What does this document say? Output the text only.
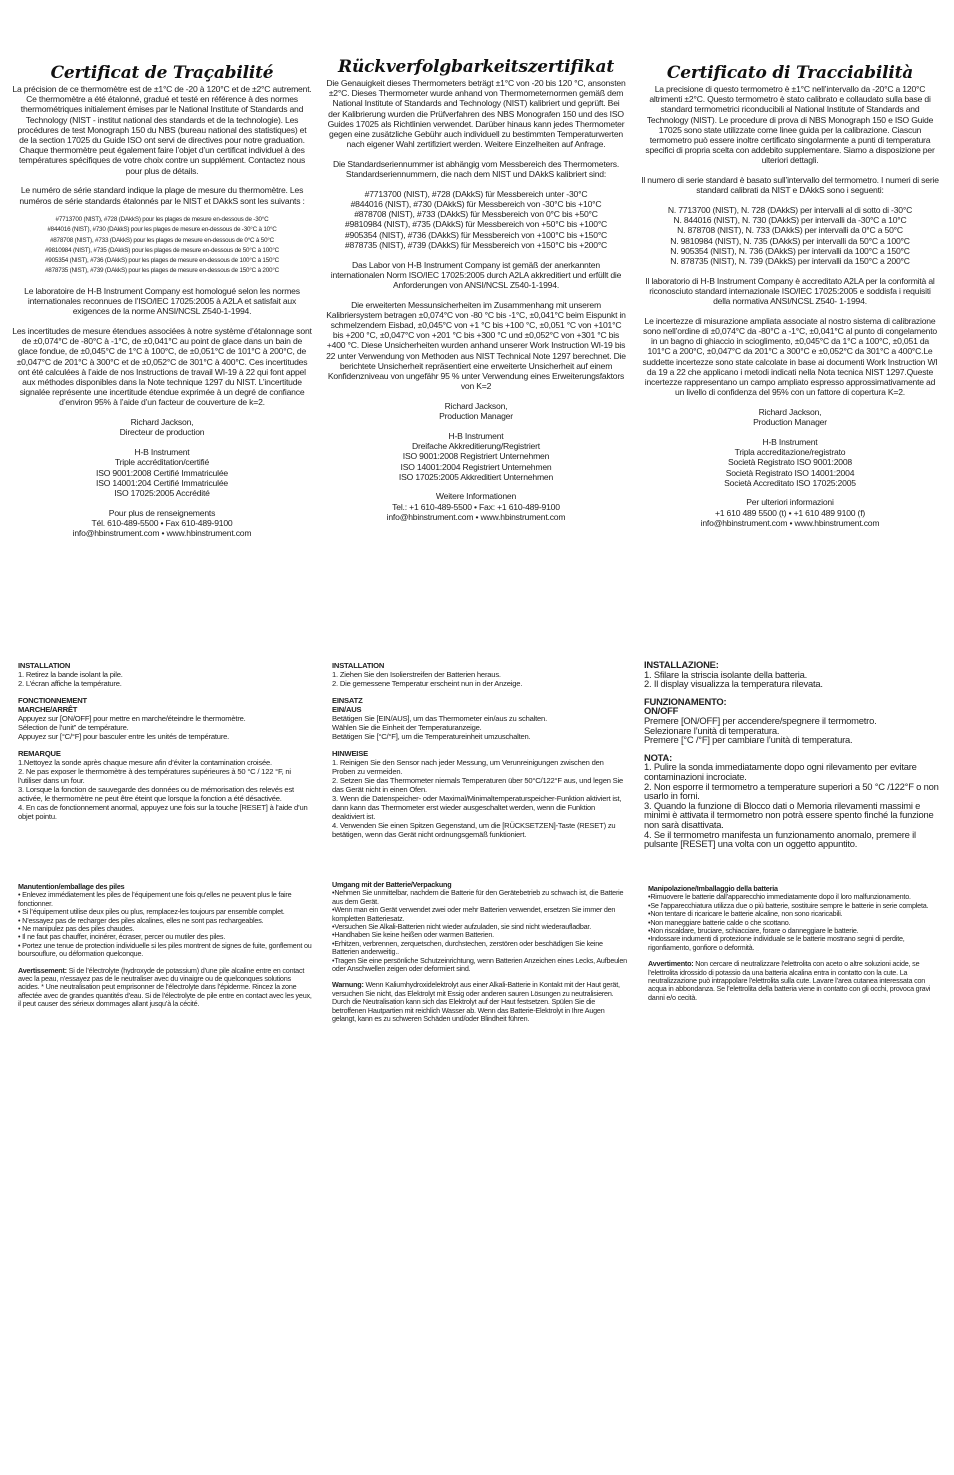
Certificat de Traçabilité

La précision de ce thermomètre est de ±1°C de -20 à 120°C et de ±2°C autrement. Ce thermomètre a été étalonné, gradué et testé en référence à des normes thermométriques initialement émises par le National Institute of Standards and Technology (NIST - institut national des standards et de la technologie). Les procédures de test Monograph 150 du NBS (bureau national des statistiques) et de la section 17025 du Guide ISO ont servi de directives pour notre graduation. Chaque thermomètre peut également faire l’objet d’un certificat individuel à des températures spécifiques de votre choix contre un supplément. Contactez nous pour plus de détails.

Le numéro de série standard indique la plage de mesure du thermomètre. Les numéros de série standards étalonnés par le NIST et DAkkS sont les suivants :

#7713700 (NIST), #728 (DAkkS) pour les plages de mesure en-dessous de -30°C
#844016 (NIST), #730 (DAkkS) pour les plages de mesure en-dessous de -30°C à 10°C
#878708 (NIST), #733 (DAkkS) pour les plages de mesure en-dessous de 0°C à 50°C
#9810984 (NIST), #735 (DAkkS) pour les plages de mesure en-dessous de 50°C à 100°C
#905354 (NIST), #736 (DAkkS) pour les plages de mesure en-dessous de 100°C à 150°C
#878735 (NIST), #739 (DAkkS) pour les plages de mesure en-dessous de 150°C à 200°C

Le laboratoire de H-B Instrument Company est homologué selon les normes internationales reconnues de l’ISO/IEC 17025:2005 à A2LA et satisfait aux exigences de la norme ANSI/NCSL Z540-1-1994.

Les incertitudes de mesure étendues associées à notre système d’étalonnage sont de ±0,074°C de -80°C à -1°C, de ±0,041°C au point de glace dans un bain de glace fondue, de ±0,045°C de 1°C à 100°C, de ±0,051°C de 101°C à 200°C, de ±0,047°C de 201°C à 300°C et de ±0,052°C de 301°C à 400°C. Ces incertitudes ont été calculées à l’aide de nos Instructions de travail WI-19 à 22 qui font appel aux méthodes disponibles dans la Note technique 1297 du NIST. L’incertitude signalée représente une incertitude étendue exprimée à un degré de confiance d’environ 95% à l’aide d’un facteur de couverture de k=2.

Richard Jackson,
Directeur de production
H-B Instrument
Triple accréditation/certifié
ISO 9001:2008 Certifié Immatriculée
ISO 14001:204 Certifié Immatriculée
ISO 17025:2005 Accrédité
Pour plus de renseignements
Tél. 610-489-5500 • Fax 610-489-9100
info@hbinstrument.com • www.hbinstrument.com
Rückverfolgbarkeitszertifikat

Die Genauigkeit dieses Thermometers beträgt ±1°C von -20 bis 120 °C, ansonsten ±2°C. Dieses Thermometer wurde anhand von Thermometernormen gemäß dem National Institute of Standards and Technology (NIST) kalibriert und geprüft. Bei der Kalibrierung wurden die Prüfverfahren des NBS Monografen 150 und des ISO Guides 17025 als Richtlinien verwendet. Darüber hinaus kann jedes Thermometer gegen eine zusätzliche Gebühr auch individuell zu bestimmten Temperaturwerten nach eigener Wahl zertifiziert werden. Weitere Einzelheiten auf Anfrage.

Die Standardseriennummer ist abhängig vom Messbereich des Thermometers. Standardseriennummern, die nach dem NIST und DAkkS kalibriert sind:

#7713700 (NIST), #728 (DAkkS) für Messbereich unter -30°C
#844016 (NIST), #730 (DAkkS) für Messbereich von -30°C bis +10°C
#878708 (NIST), #733 (DAkkS) für Messbereich von 0°C bis +50°C
#9810984 (NIST), #735 (DAkkS) für Messbereich von +50°C bis +100°C
#905354 (NIST), #736 (DAkkS) für Messbereich von +100°C bis +150°C
#878735 (NIST), #739 (DAkkS) für Messbereich von +150°C bis +200°C

Das Labor von H-B Instrument Company ist gemäß der anerkannten internationalen Norm ISO/IEC 17025:2005 durch A2LA akkreditiert und erfüllt die Anforderungen von ANSI/NCSL Z540-1-1994.

Die erweiterten Messunsicherheiten im Zusammenhang mit unserem Kalibriersystem betragen ±0,074°C von -80 °C bis -1°C, ±0,041°C beim Eispunkt in schmelzendem Eisbad, ±0,045°C von +1 °C bis +100 °C, ±0,051 °C von +101°C bis +200 °C, ±0,047°C von +201 °C bis +300 °C und ±0,052°C von +301 °C bis +400 °C. Diese Unsicherheiten wurden anhand unserer Work Instruction WI-19 bis 22 unter Verwendung von Methoden aus NIST Technical Note 1297 berechnet. Die berichtete Unsicherheit repräsentiert eine erweiterte Unsicherheit auf einem Konfidenzniveau von ungefähr 95 % unter Verwendung eines Erweiterungsfaktors von K=2

Richard Jackson,
Production Manager
H-B Instrument
Dreifache Akkreditierung/Registriert
ISO 9001:2008 Registriert Unternehmen
ISO 14001:2004 Registriert Unternehmen
ISO 17025:2005 Akkreditiert Unternehmen
Weitere Informationen
Tel.: +1 610-489-5500 • Fax: +1 610-489-9100
info@hbinstrument.com • www.hbinstrument.com
Certificato di Tracciabilità

La precisione di questo termometro è ±1°C nell’intervallo da -20°C a 120°C altrimenti ±2°C. Questo termometro è stato calibrato e collaudato sulla base di standard termometrici riconducibili al National Institute of Standards and Technology (NIST). Le procedure di prova di NBS Monograph 150 e ISO Guide 17025 sono state utilizzate come linee guida per la calibrazione. Ciascun termometro può essere inoltre certificato singolarmente a punti di temperatura specifici di propria scelta con addebito supplementare. Siamo a disposizione per ulteriori dettagli.

Il numero di serie standard è basato sull’intervallo del termometro. I numeri di serie standard calibrati da NIST e DAkkS sono i seguenti:

N. 7713700 (NIST), N. 728 (DAkkS) per intervalli al di sotto di -30°C
N. 844016 (NIST), N. 730 (DAkkS) per intervalli da -30°C a 10°C
N. 878708 (NIST), N. 733 (DAkkS) per intervalli da 0°C a 50°C
N. 9810984 (NIST), N. 735 (DAkkS) per intervalli da 50°C a 100°C
N. 905354 (NIST), N. 736 (DAkkS) per intervalli da 100°C a 150°C
N. 878735 (NIST), N. 739 (DAkkS) per intervalli da 150°C a 200°C

Il laboratorio di H-B Instrument Company è accreditato A2LA per la conformità al riconosciuto standard internazionale ISO/IEC 17025:2005 e soddisfa i requisiti della normativa ANSI/NCSL Z540- 1-1994.

Le incertezze di misurazione ampliata associate al nostro sistema di calibrazione sono nell’ordine di ±0,074°C da -80°C a -1°C, ±0,041°C al punto di congelamento in un bagno di ghiaccio in scioglimento, ±0,045°C da 1°C a 100°C, ±0,051 da 101°C a 200°C, ±0,047°C da 201°C a 300°C e ±0,052°C da 301°C a 400°C.Le suddette incertezze sono state calcolate in base ai documenti Work Instruction WI da 19 a 22 che applicano i metodi indicati nella Nota tecnica NIST 1297.Queste incertezze rappresentano un campo ampliato espresso approssimativamente ad un livello di confidenza del 95% con un fattore di copertura K=2.

Richard Jackson,
Production Manager
H-B Instrument
Tripla accreditazione/registrato
Società Registrato ISO 9001:2008
Società Registrato ISO 14001:2004
Società Accreditato ISO 17025:2005
Per ulteriori informazioni
+1 610 489 5500 (t) • +1 610 489 9100 (f)
info@hbinstrument.com • www.hbinstrument.com

INSTALLATION

1. Retirez la bande isolant la pile.
2. L’écran affiche la température.

FONCTIONNEMENT
MARCHE/ARRÊT

Appuyez sur [ON/OFF] pour mettre en marche/éteindre le thermomètre.
Sélection de l’unit” de température.
Appuyez sur [°C/°F] pour basculer entre les unités de température.

REMARQUE

1.Nettoyez la sonde après chaque mesure afin d’éviter la contamination croisée.
2. Ne pas exposer le thermomètre à des températures supérieures à 50 °C / 122 °F, ni l’utiliser dans un four.
3. Lorsque la fonction de sauvegarde des données ou de mémorisation des relevés est activée, le thermomètre ne peut être éteint que lorsque la fonction a été désactivée.
4. En cas de fonctionnement anormal, appuyez une fois sur la touche [RESET] à l’aide d’un objet pointu.

INSTALLATION

1. Ziehen Sie den Isolierstreifen der Batterien heraus.
2. Die gemessene Temperatur erscheint nun in der Anzeige.

EINSATZ
EIN/AUS

Betätigen Sie [EIN/AUS], um das Thermometer ein/aus zu schalten.
Wählen Sie die Einheit der Temperaturanzeige.
Betätigen Sie [°C/°F], um die Temperatureinheit umzuschalten.

HINWEISE

1. Reinigen Sie den Sensor nach jeder Messung, um Verunreinigungen zwischen den Proben zu vermeiden.
2. Setzen Sie das Thermometer niemals Temperaturen über 50°C/122°F aus, und legen Sie das Gerät nicht in einen Ofen.
3. Wenn die Datenspeicher- oder Maximal/Minimaltemperaturspeicher-Funktion aktiviert ist, dann kann das Thermometer erst wieder ausgeschaltet werden, wenn die Funktion deaktiviert ist.
4. Verwenden Sie einen Spitzen Gegenstand, um die [RÜCKSETZEN]-Taste (RESET) zu betätigen, wenn das Gerät nicht ordnungsgemäß funktioniert.

INSTALLAZIONE:

1. Sfilare la striscia isolante della batteria.
2. Il display visualizza la temperatura rilevata.

FUNZIONAMENTO:
ON/OFF

Premere [ON/OFF] per accendere/spegnere il termometro.
Selezionare l’unità di temperatura.
Premere [°C /°F] per cambiare l’unità di temperatura.

NOTA:

1. Pulire la sonda immediatamente dopo ogni rilevamento per evitare contaminazioni incrociate.
2. Non esporre il termometro a temperature superiori a 50 °C /122°F o non usarlo in forni.
3. Quando la funzione di Blocco dati o Memoria rilevamenti massimi e minimi è attivata il termometro non potrà essere spento finché la funzione non sarà disattivata.
4. Se il termometro manifesta un funzionamento anomalo, premere il pulsante [RESET] una volta con un oggetto appuntito.

Manutention/emballage des piles

• Enlevez immédiatement les piles de l’équipement une fois qu’elles ne peuvent plus le faire fonctionner.
• Si l’équipement utilise deux piles ou plus, remplacez-les toujours par ensemble complet.
• N’essayez pas de recharger des piles alcalines, elles ne sont pas rechargeables.
• Ne manipulez pas des piles chaudes.
• Il ne faut pas chauffer, incinérer, écraser, percer ou mutiler des piles.
• Portez une tenue de protection individuelle si les piles montrent de signes de fuite, gonflement ou boursouflure, ou déformation quelconque.

Avertissement: Si de l’électrolyte (hydroxyde de potassium) d’une pile alcaline entre en contact avec la peau, n’essayez pas de le neutraliser avec du vinaigre ou de quelconques solutions acides. * Une neutralisation peut emprisonner de l’électrolyte dans l’épiderme. Rincez la zone affectée avec de grandes quantités d’eau. Si de l’électrolyte de pile entre en contact avec les yeux, il peut causer des sérieux dommages allant jusqu’à la cécité.

Umgang mit der Batterie/Verpackung

•Nehmen Sie unmittelbar, nachdem die Batterie für den Gerätebetrieb zu schwach ist, die Batterie aus dem Gerät.
•Wenn man ein Gerät verwendet zwei oder mehr Batterien verwendet, ersetzen Sie immer den kompletten Batteriesatz.
•Versuchen Sie Alkali-Batterien nicht wieder aufzuladen, sie sind nicht wiederaufladbar.
•Handhaben Sie keine heißen oder warmen Batterien.
•Erhitzen, verbrennen, zerquetschen, durchstechen, zerstören oder beschädigen Sie keine Batterien anderweitig..
•Tragen Sie eine persönliche Schutzeinrichtung, wenn Batterien Anzeichen eines Lecks, Aufbeulen oder Anschwellen zeigen oder deformiert sind.

Warnung: Wenn Kaliumhydroxidelektrolyt aus einer Alkali-Batterie in Kontakt mit der Haut gerät, versuchen Sie nicht, das Elektrolyt mit Essig oder anderen sauren Lösungen zu neutralisieren. Durch die Neutralisation kann sich das Elektrolyt auf der Haut festsetzen. Spülen Sie die betroffenen Hautpartien mit reichlich Wasser ab. Wenn das Batterie-Elektrolyt in Ihre Augen gelangt, kann es zu schweren Schäden und/oder Blindheit führen.

Manipolazione/Imballaggio della batteria

•Rimuovere le batterie dall’apparecchio immediatamente dopo il loro malfunzionamento.
•Se l’apparecchiatura utilizza due o più batterie, sostituire sempre le batterie in serie completa.
•Non tentare di ricaricare le batterie alcaline, non sono ricaricabili.
•Non maneggiare batterie calde o che scottano.
•Non riscaldare, bruciare, schiacciare, forare o danneggiare le batterie.
•Indossare indumenti di protezione individuale se le batterie mostrano segni di perdite, rigonfiamento, gonfiore o deformità.

Avvertimento: Non cercare di neutralizzare l’elettrolita con aceto o altre soluzioni acide, se l’elettrolita idrossido di potassio da una batteria alcalina entra in contatto con la cute. La neutralizzazione può intrappolare l’elettrolita sulla cute. Lavare l’area cutanea interessata con acqua in abbondanza. Se l’elettrolita della batteria viene in contatto con gli occhi, provoca gravi danni e/o cecità.
